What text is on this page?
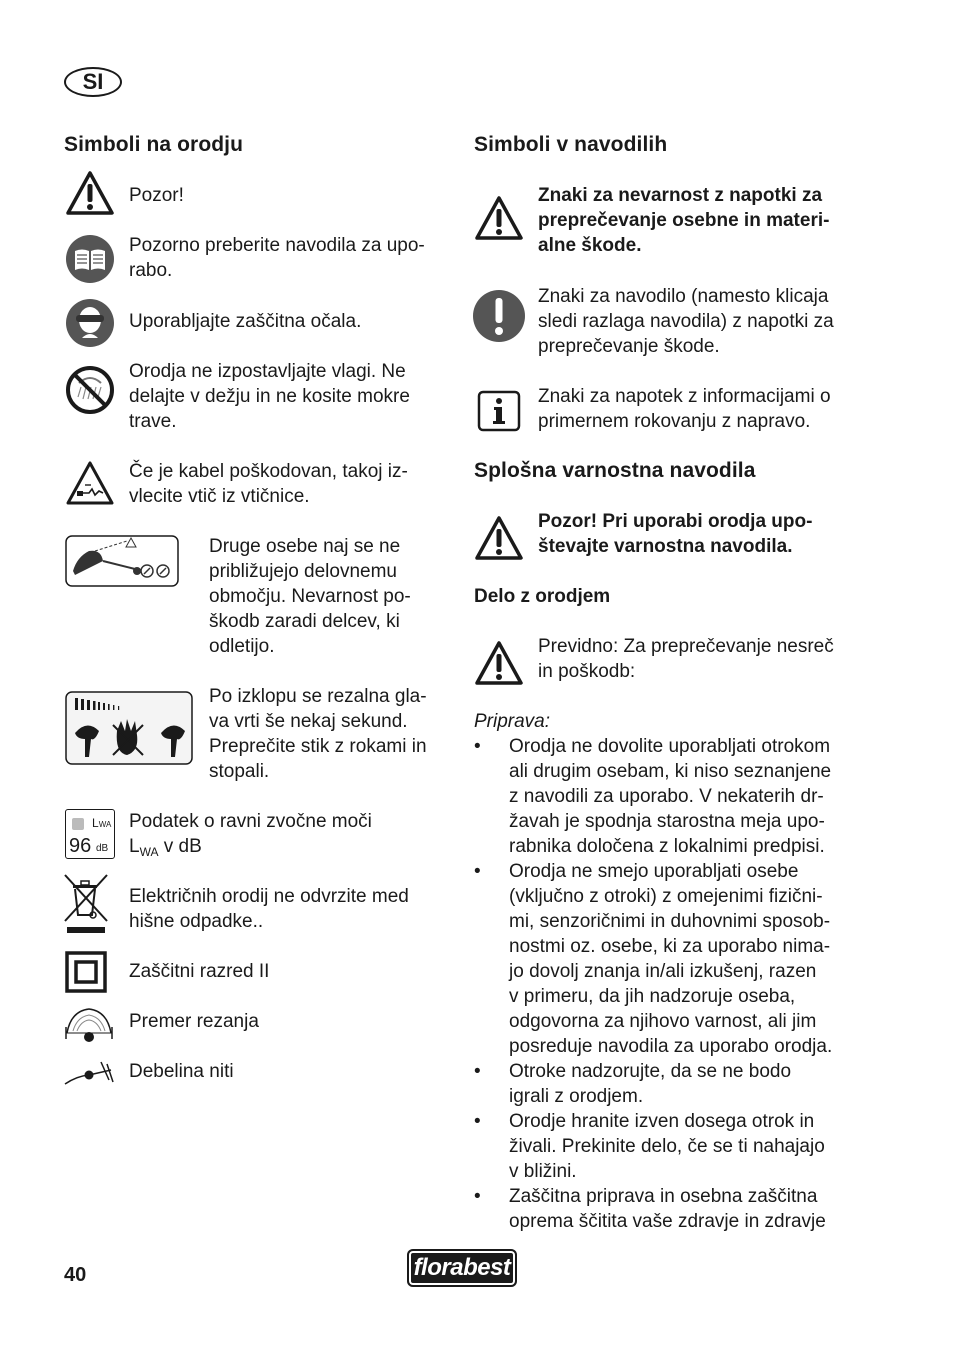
SI
Simboli na orodju

Pozor!

Pozorno preberite navodila za upo-
rabo.

Uporabljajte zaščitna očala.

Orodja ne izpostavljajte vlagi. Ne
delajte v dežju in ne kosite mokre
trave.

Če je kabel poškodovan, takoj iz-
vlecite vtič iz vtičnice.

Druge osebe naj se ne
približujejo delovnemu
območju. Nevarnost po-
škodb zaradi delcev, ki
odletijo.

Po izklopu se rezalna gla-
va vrti še nekaj sekund.
Preprečite stik z rokami in
stopali.

LWA
96 dB

Podatek o ravni zvočne moči
$L_{WA}$ v dB

Električnih orodij ne odvrzite med
hišne odpadke..

Zaščitni razred II

Premer rezanja

Debelina niti

Simboli v navodilih

Znaki za nevarnost z napotki za
preprečevanje osebne in materi-
alne škode.

Znaki za navodilo (namesto klicaja
sledi razlaga navodila) z napotki za
preprečevanje škode.

Znaki za napotek z informacijami o
primernem rokovanju z napravo.

Splošna varnostna navodila

Pozor! Pri uporabi orodja upo-
števajte varnostna navodila.

Delo z orodjem

Previdno: Za preprečevanje nesreč
in poškodb:

Priprava:

• Orodja ne dovolite uporabljati otrokom
ali drugim osebam, ki niso seznanjene
z navodili za uporabo. V nekaterih dr-
žavah je spodnja starostna meja upo-
rabnika določena z lokalnimi predpisi.
• Orodja ne smejo uporabljati osebe
(vključno z otroki) z omejenimi fizični-
mi, senzoričnimi in duhovnimi sposob-
nostmi oz. osebe, ki za uporabo nima-
jo dovolj znanja in/ali izkušenj, razen
v primeru, da jih nadzoruje oseba,
odgovorna za njihovo varnost, ali jim
posreduje navodila za uporabo orodja.
• Otroke nadzorujte, da se ne bodo
igrali z orodjem.
• Orodje hranite izven dosega otrok in
živali. Prekinite delo, če se ti nahajajo
v bližini.
• Zaščitna priprava in osebna zaščitna
oprema ščitita vaše zdravje in zdravje
40	florabest
